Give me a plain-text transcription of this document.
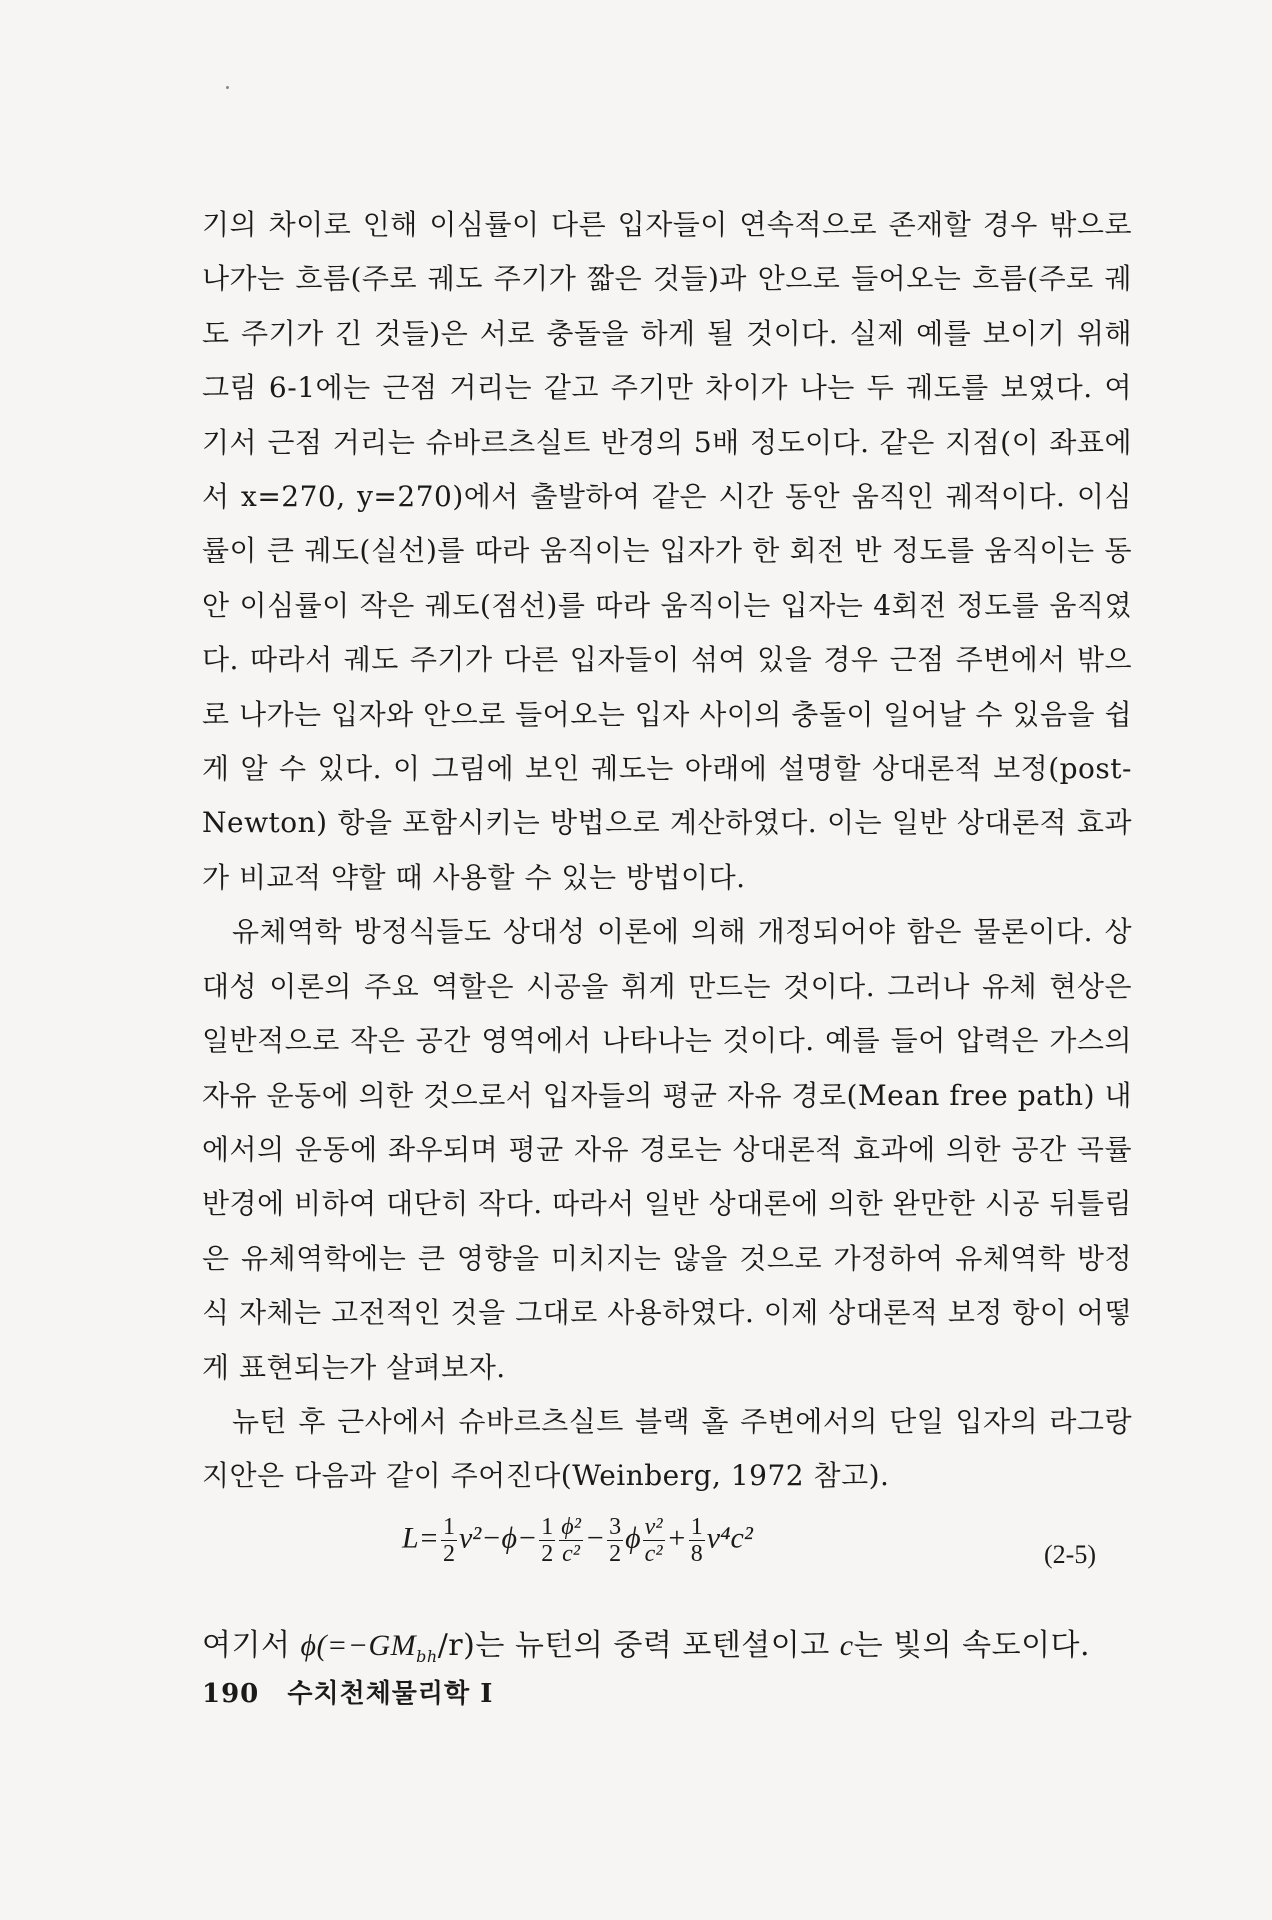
기의 차이로 인해 이심률이 다른 입자들이 연속적으로 존재할 경우 밖으로 나가는 흐름(주로 궤도 주기가 짧은 것들)과 안으로 들어오는 흐름(주로 궤도 주기가 긴 것들)은 서로 충돌을 하게 될 것이다. 실제 예를 보이기 위해 그림 6-1에는 근점 거리는 같고 주기만 차이가 나는 두 궤도를 보였다. 여기서 근점 거리는 슈바르츠실트 반경의 5배 정도이다. 같은 지점(이 좌표에서 x=270, y=270)에서 출발하여 같은 시간 동안 움직인 궤적이다. 이심률이 큰 궤도(실선)를 따라 움직이는 입자가 한 회전 반 정도를 움직이는 동안 이심률이 작은 궤도(점선)를 따라 움직이는 입자는 4회전 정도를 움직였다. 따라서 궤도 주기가 다른 입자들이 섞여 있을 경우 근점 주변에서 밖으로 나가는 입자와 안으로 들어오는 입자 사이의 충돌이 일어날 수 있음을 쉽게 알 수 있다. 이 그림에 보인 궤도는 아래에 설명할 상대론적 보정(post-Newton) 항을 포함시키는 방법으로 계산하였다. 이는 일반 상대론적 효과가 비교적 약할 때 사용할 수 있는 방법이다.

유체역학 방정식들도 상대성 이론에 의해 개정되어야 함은 물론이다. 상대성 이론의 주요 역할은 시공을 휘게 만드는 것이다. 그러나 유체 현상은 일반적으로 작은 공간 영역에서 나타나는 것이다. 예를 들어 압력은 가스의 자유 운동에 의한 것으로서 입자들의 평균 자유 경로(Mean free path) 내에서의 운동에 좌우되며 평균 자유 경로는 상대론적 효과에 의한 공간 곡률 반경에 비하여 대단히 작다. 따라서 일반 상대론에 의한 완만한 시공 뒤틀림은 유체역학에는 큰 영향을 미치지는 않을 것으로 가정하여 유체역학 방정식 자체는 고전적인 것을 그대로 사용하였다. 이제 상대론적 보정 항이 어떻게 표현되는가 살펴보자.

뉴턴 후 근사에서 슈바르츠실트 블랙 홀 주변에서의 단일 입자의 라그랑지안은 다음과 같이 주어진다(Weinberg, 1972 참고).

$L= \frac{1}{2} v^2-\phi- \frac{1}{2} \frac{\text{ϕ²}}{\text{c²}} - \frac{3}{2}$ ϕ $\frac{\text{v²}}{\text{c²}} + \frac{1}{8} v^4c^2$
(2-5)

여기서 $\phi(=-GM_{bh}/r)$는 뉴턴의 중력 포텐셜이고 c는 빛의 속도이다.

190 수치천체물리학 Ⅰ
